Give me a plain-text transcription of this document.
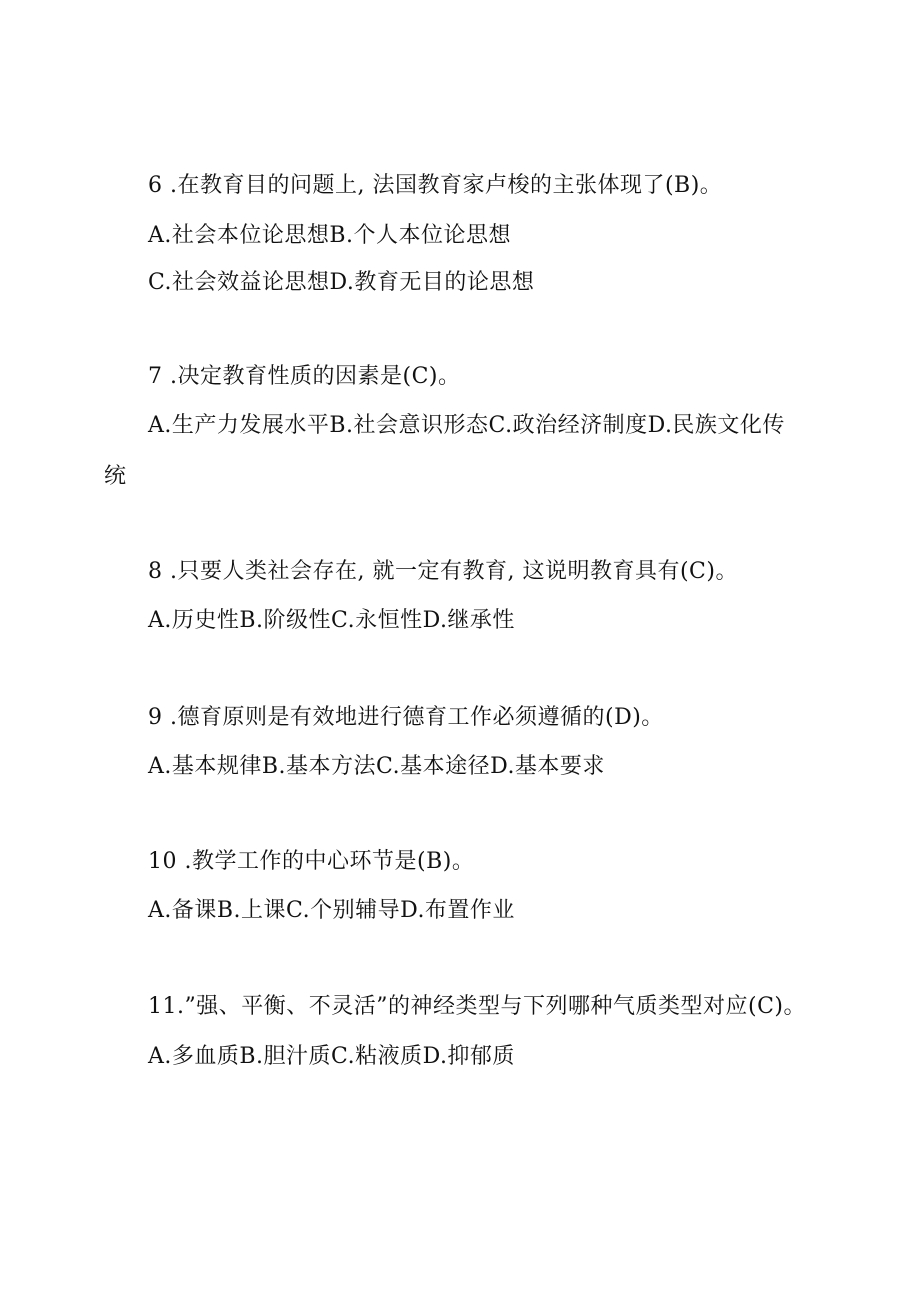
6 .在教育目的问题上, 法国教育家卢梭的主张体现了(B)。
A.社会本位论思想B.个人本位论思想
C.社会效益论思想D.教育无目的论思想
7 .决定教育性质的因素是(C)。
A.生产力发展水平B.社会意识形态C.政治经济制度D.民族文化传
统
8 .只要人类社会存在, 就一定有教育, 这说明教育具有(C)。
A.历史性B.阶级性C.永恒性D.继承性
9 .德育原则是有效地进行德育工作必须遵循的(D)。
A.基本规律B.基本方法C.基本途径D.基本要求
10 .教学工作的中心环节是(B)。
A.备课B.上课C.个别辅导D.布置作业
11.”强、平衡、不灵活”的神经类型与下列哪种气质类型对应(C)。
A.多血质B.胆汁质C.粘液质D.抑郁质
